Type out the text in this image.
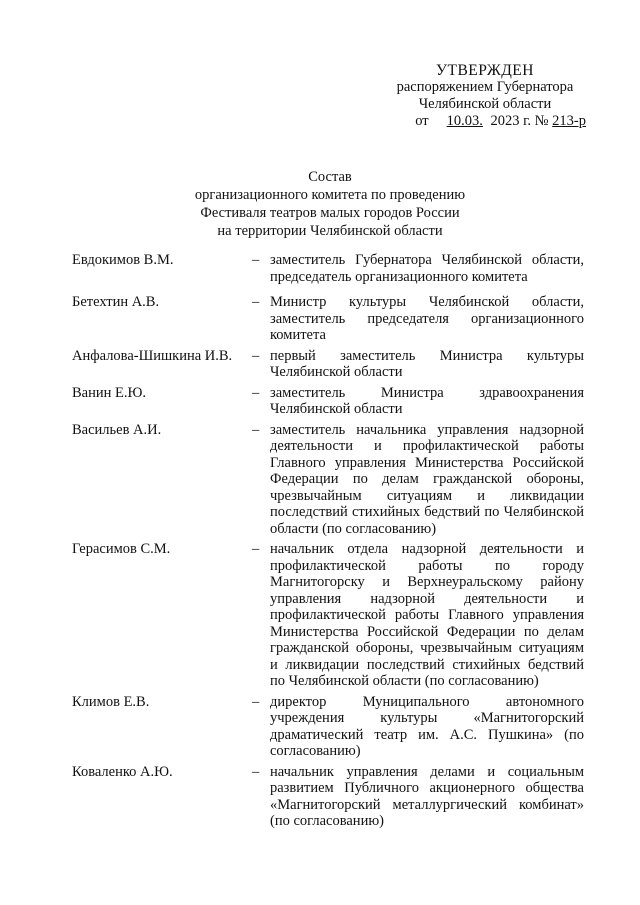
УТВЕРЖДЕН
распоряжением Губернатора
Челябинской области
от 10.03. 2023 г. № 213-р
Состав
организационного комитета по проведению
Фестиваля театров малых городов России
на территории Челябинской области
Евдокимов В.М.	– заместитель Губернатора Челябинской области, председатель организационного комитета
Бетехтин А.В.	– Министр культуры Челябинской области, заместитель председателя организационного комитета
Анфалова-Шишкина И.В.	– первый заместитель Министра культуры Челябинской области
Ванин Е.Ю.	– заместитель Министра здравоохранения Челябинской области
Васильев А.И.	– заместитель начальника управления надзорной деятельности и профилактической работы Главного управления Министерства Российской Федерации по делам гражданской обороны, чрезвычайным ситуациям и ликвидации последствий стихийных бедствий по Челябинской области (по согласованию)
Герасимов С.М.	– начальник отдела надзорной деятельности и профилактической работы по городу Магнитогорску и Верхнеуральскому району управления надзорной деятельности и профилактической работы Главного управления Министерства Российской Федерации по делам гражданской обороны, чрезвычайным ситуациям и ликвидации последствий стихийных бедствий по Челябинской области (по согласованию)
Климов Е.В.	– директор Муниципального автономного учреждения культуры «Магнитогорский драматический театр им. А.С. Пушкина» (по согласованию)
Коваленко А.Ю.	– начальник управления делами и социальным развитием Публичного акционерного общества «Магнитогорский металлургический комбинат» (по согласованию)
